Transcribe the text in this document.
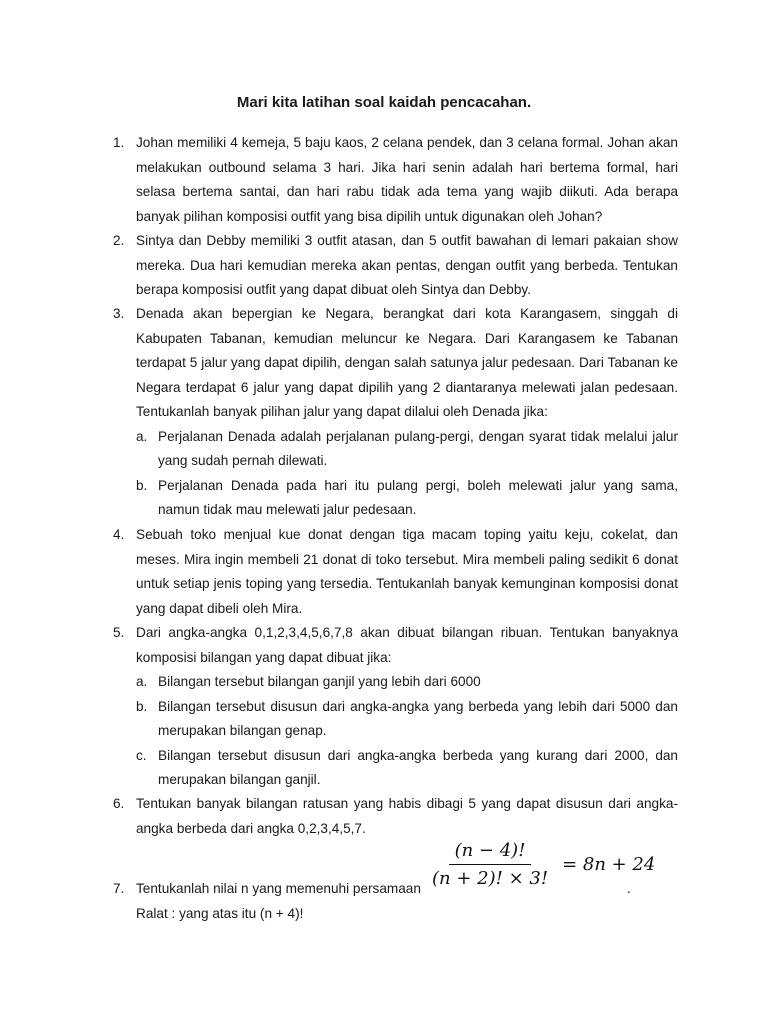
Mari kita latihan soal kaidah pencacahan.
1. Johan memiliki 4 kemeja, 5 baju kaos, 2 celana pendek, dan 3 celana formal. Johan akan melakukan outbound selama 3 hari. Jika hari senin adalah hari bertema formal, hari selasa bertema santai, dan hari rabu tidak ada tema yang wajib diikuti. Ada berapa banyak pilihan komposisi outfit yang bisa dipilih untuk digunakan oleh Johan?
2. Sintya dan Debby memiliki 3 outfit atasan, dan 5 outfit bawahan di lemari pakaian show mereka. Dua hari kemudian mereka akan pentas, dengan outfit yang berbeda. Tentukan berapa komposisi outfit yang dapat dibuat oleh Sintya dan Debby.
3. Denada akan bepergian ke Negara, berangkat dari kota Karangasem, singgah di Kabupaten Tabanan, kemudian meluncur ke Negara. Dari Karangasem ke Tabanan terdapat 5 jalur yang dapat dipilih, dengan salah satunya jalur pedesaan. Dari Tabanan ke Negara terdapat 6 jalur yang dapat dipilih yang 2 diantaranya melewati jalan pedesaan. Tentukanlah banyak pilihan jalur yang dapat dilalui oleh Denada jika:
a. Perjalanan Denada adalah perjalanan pulang-pergi, dengan syarat tidak melalui jalur yang sudah pernah dilewati.
b. Perjalanan Denada pada hari itu pulang pergi, boleh melewati jalur yang sama, namun tidak mau melewati jalur pedesaan.
4. Sebuah toko menjual kue donat dengan tiga macam toping yaitu keju, cokelat, dan meses. Mira ingin membeli 21 donat di toko tersebut. Mira membeli paling sedikit 6 donat untuk setiap jenis toping yang tersedia. Tentukanlah banyak kemunginan komposisi donat yang dapat dibeli oleh Mira.
5. Dari angka-angka 0,1,2,3,4,5,6,7,8 akan dibuat bilangan ribuan. Tentukan banyaknya komposisi bilangan yang dapat dibuat jika:
a. Bilangan tersebut bilangan ganjil yang lebih dari 6000
b. Bilangan tersebut disusun dari angka-angka yang berbeda yang lebih dari 5000 dan merupakan bilangan genap.
c. Bilangan tersebut disusun dari angka-angka berbeda yang kurang dari 2000, dan merupakan bilangan ganjil.
6. Tentukan banyak bilangan ratusan yang habis dibagi 5 yang dapat disusun dari angka-angka berbeda dari angka 0,2,3,4,5,7.
7. Tentukanlah nilai n yang memenuhi persamaan
Ralat : yang atas itu (n + 4)!
$\frac{(n - 4)!}{(n + 2)! \times 3!} = 8n + 24$
.
